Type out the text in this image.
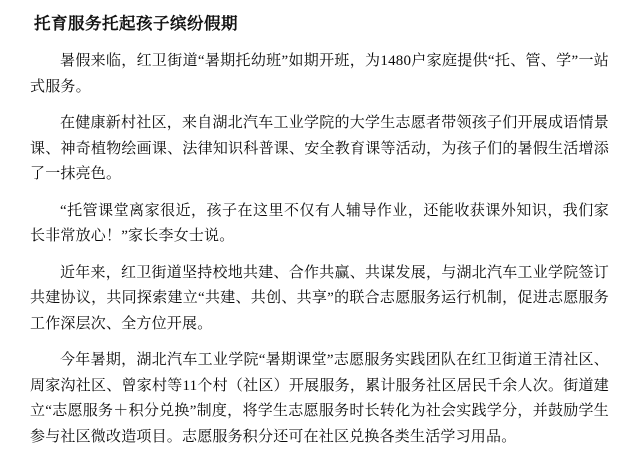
托育服务托起孩子缤纷假期

暑假来临，红卫街道“暑期托幼班”如期开班，为1480户家庭提供“托、管、学”一站式服务。

在健康新村社区，来自湖北汽车工业学院的大学生志愿者带领孩子们开展成语情景课、神奇植物绘画课、法律知识科普课、安全教育课等活动，为孩子们的暑假生活增添了一抹亮色。

“托管课堂离家很近，孩子在这里不仅有人辅导作业，还能收获课外知识，我们家长非常放心！”家长李女士说。

近年来，红卫街道坚持校地共建、合作共赢、共谋发展，与湖北汽车工业学院签订共建协议，共同探索建立“共建、共创、共享”的联合志愿服务运行机制，促进志愿服务工作深层次、全方位开展。

今年暑期，湖北汽车工业学院“暑期课堂”志愿服务实践团队在红卫街道王清社区、周家沟社区、曾家村等11个村（社区）开展服务，累计服务社区居民千余人次。街道建立“志愿服务＋积分兑换”制度，将学生志愿服务时长转化为社会实践学分，并鼓励学生参与社区微改造项目。志愿服务积分还可在社区兑换各类生活学习用品。
